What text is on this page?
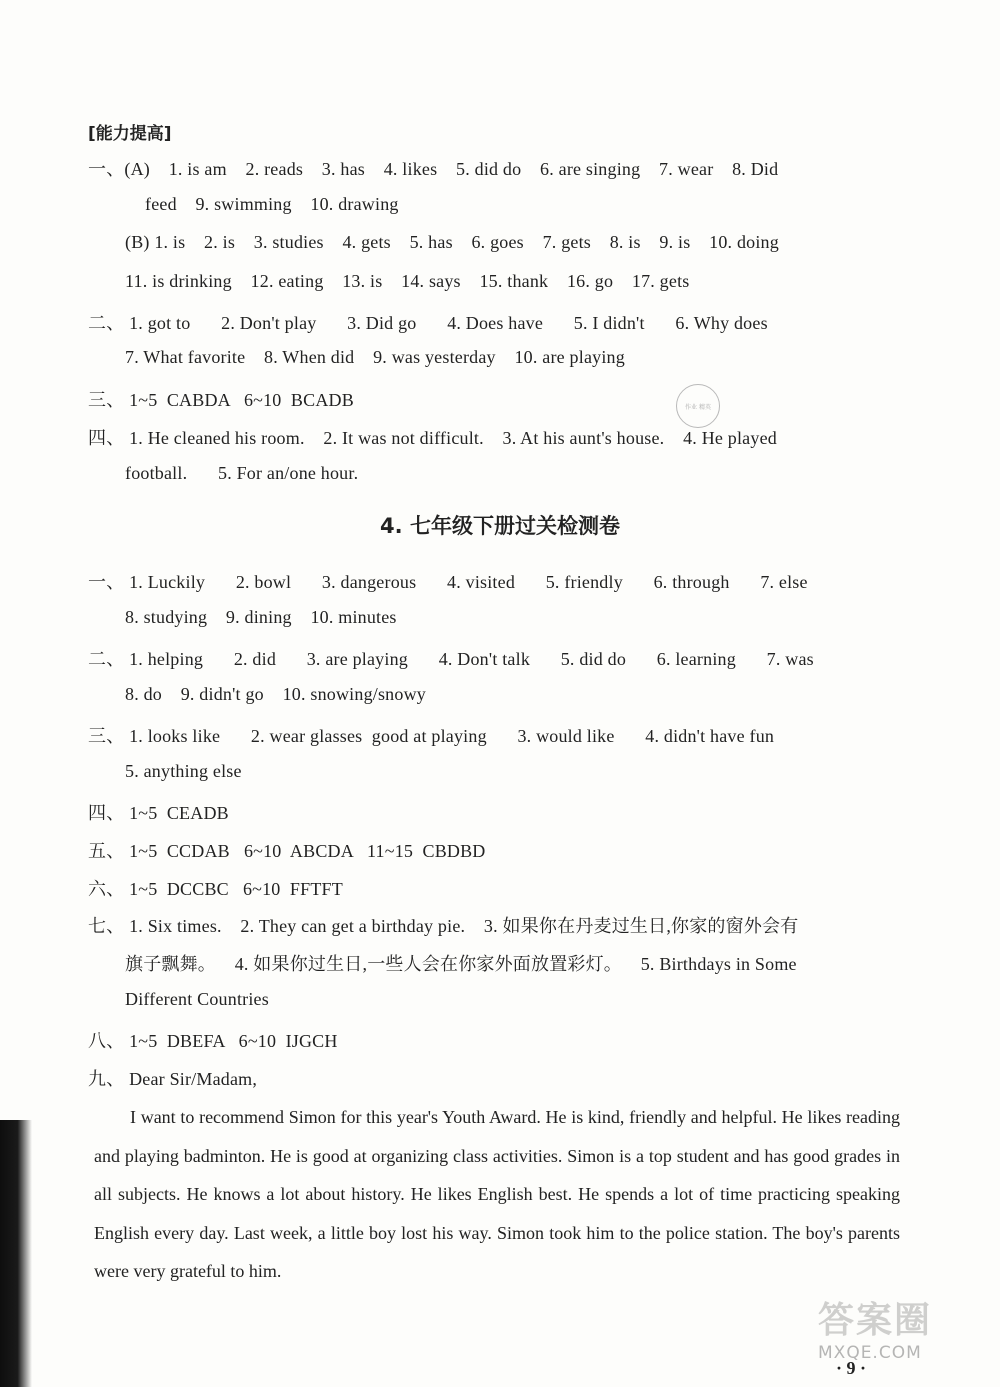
[能力提高]
一、(A) 1. is am 2. reads 3. has 4. likes 5. did do 6. are singing 7. wear 8. Did
feed 9. swimming 10. drawing
(B) 1. is 2. is 3. studies 4. gets 5. has 6. goes 7. gets 8. is 9. is 10. doing
11. is drinking 12. eating 13. is 14. says 15. thank 16. go 17. gets
二、 1. got to 2. Don't play 3. Did go 4. Does have 5. I didn't 6. Why does
7. What favorite 8. When did 9. was yesterday 10. are playing
三、 1~5  CABDA   6~10  BCADB
四、 1. He cleaned his room. 2. It was not difficult. 3. At his aunt's house. 4. He played
football. 5. For an/one hour.
作业 精英
4. 七年级下册过关检测卷
一、 1. Luckily 2. bowl 3. dangerous 4. visited 5. friendly 6. through 7. else
8. studying 9. dining 10. minutes
二、 1. helping 2. did 3. are playing 4. Don't talk 5. did do 6. learning 7. was
8. do 9. didn't go 10. snowing/snowy
三、 1. looks like 2. wear glasses  good at playing 3. would like 4. didn't have fun
5. anything else
四、 1~5  CEADB
五、 1~5  CCDAB   6~10  ABCDA   11~15  CBDBD
六、 1~5  DCCBC   6~10  FFTFT
七、 1. Six times. 2. They can get a birthday pie. 3. 如果你在丹麦过生日,你家的窗外会有
旗子飘舞。 4. 如果你过生日,一些人会在你家外面放置彩灯。 5. Birthdays in Some
Different Countries
八、 1~5  DBEFA   6~10  IJGCH
九、 Dear Sir/Madam,
I want to recommend Simon for this year's Youth Award. He is kind, friendly and helpful. He likes reading and playing badminton. He is good at organizing class activities. Simon is a top student and has good grades in all subjects. He knows a lot about history. He likes English best. He spends a lot of time practicing speaking English every day. Last week, a little boy lost his way. Simon took him to the police station. The boy's parents were very grateful to him.
· 9 ·
答案圈
MXQE.COM
